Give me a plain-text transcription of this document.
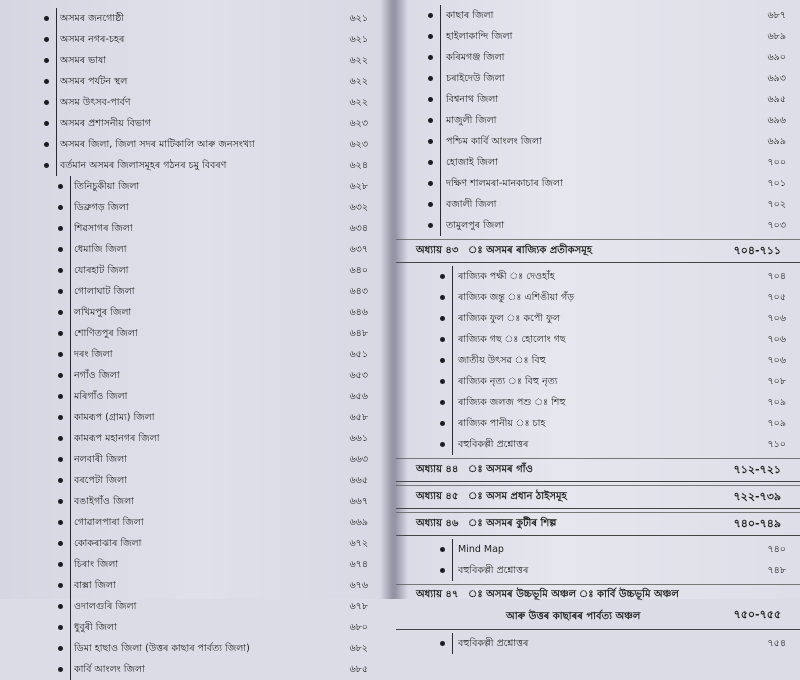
অসমৰ জনগোষ্ঠী	৬২১
অসমৰ নগৰ-চহৰ	৬২১
অসমৰ ভাষা	৬২২
অসমৰ পৰ্যটন স্থল	৬২২
অসম উৎসব-পাৰ্বণ	৬২২
অসমৰ প্ৰশাসনীয় বিভাগ	৬২৩
অসমৰ জিলা, জিলা সদৰ মাটিকালি আৰু জনসংখ্যা	৬২৩
বৰ্তমান অসমৰ জিলাসমূহৰ গঠনৰ চমু বিবৰণ	৬২৪
তিনিচুকীয়া জিলা	৬২৮
ডিব্ৰুগড় জিলা	৬৩২
শিৱসাগৰ জিলা	৬৩৪
ধেমাজি জিলা	৬৩৭
যোৰহাট জিলা	৬৪০
গোলাঘাট জিলা	৬৪৩
লখিমপুৰ জিলা	৬৪৬
শোণিতপুৰ জিলা	৬৪৮
দৰং জিলা	৬৫১
নগাঁও জিলা	৬৫৩
মৰিগাঁও জিলা	৬৫৬
কামৰূপ (গ্ৰাম্য) জিলা	৬৫৮
কামৰূপ মহানগৰ জিলা	৬৬১
নলবাৰী জিলা	৬৬৩
বৰপেটা জিলা	৬৬৫
বঙাইগাঁও জিলা	৬৬৭
গোৱালপাৰা জিলা	৬৬৯
কোকৰাঝাৰ জিলা	৬৭২
চিৰাং জিলা	৬৭৪
বাক্সা জিলা	৬৭৬
ওদালগুৰি জিলা	৬৭৮
ধুবুৰী জিলা	৬৮০
ডিমা হাছাও জিলা (উত্তৰ কাছাৰ পাৰ্বত্য জিলা)	৬৮২
কাৰ্বি আংলং জিলা	৬৮৫
কাছাৰ জিলা	৬৮৭
হাইলাকান্দি জিলা	৬৮৯
কৰিমগঞ্জ জিলা	৬৯০
চৰাইদেউ জিলা	৬৯৩
বিশ্বনাথ জিলা	৬৯৫
মাজুলী জিলা	৬৯৬
পশ্চিম কাৰ্বি আংলং জিলা	৬৯৯
হোজাই জিলা	৭০০
দক্ষিণ শালমৰা-মানকাচাৰ জিলা	৭০১
বজালী জিলা	৭০২
তামুলপুৰ জিলা	৭০৩
অধ্যায় ৪৩ ঃ অসমৰ ৰাজ্যিক প্ৰতীকসমূহ	৭০৪-৭১১
ৰাজ্যিক পক্ষী ঃ দেওহাঁহ	৭০৪
ৰাজ্যিক জন্তু ঃ এশিঙীয়া গঁড়	৭০৫
ৰাজ্যিক ফুল ঃ কপৌ ফুল	৭০৬
ৰাজ্যিক গছ ঃ হোলোং গছ	৭০৬
জাতীয় উৎসৱ ঃ বিহু	৭০৬
ৰাজ্যিক নৃত্য ঃ বিহু নৃত্য	৭০৮
ৰাজ্যিক জলজ পশু ঃ শিহু	৭০৯
ৰাজ্যিক পানীয় ঃ চাহ	৭০৯
বহুবিকল্পী প্ৰশ্নোত্তৰ	৭১০
অধ্যায় ৪৪ ঃ অসমৰ গাঁও	৭১২-৭২১
অধ্যায় ৪৫ ঃ অসম প্ৰধান ঠাইসমূহ	৭২২-৭৩৯
অধ্যায় ৪৬ ঃ অসমৰ কুটীৰ শিল্প	৭৪০-৭৪৯
Mind Map	৭৪০
বহুবিকল্পী প্ৰশ্নোত্তৰ	৭৪৮
অধ্যায় ৪৭ ঃ অসমৰ উচ্চভূমি অঞ্চল ঃ কাৰ্বি উচ্চভূমি অঞ্চল
আৰু উত্তৰ কাছাৰৰ পাৰ্বত্য অঞ্চল	৭৫০-৭৫৫
বহুবিকল্পী প্ৰশ্নোত্তৰ	৭৫৪
